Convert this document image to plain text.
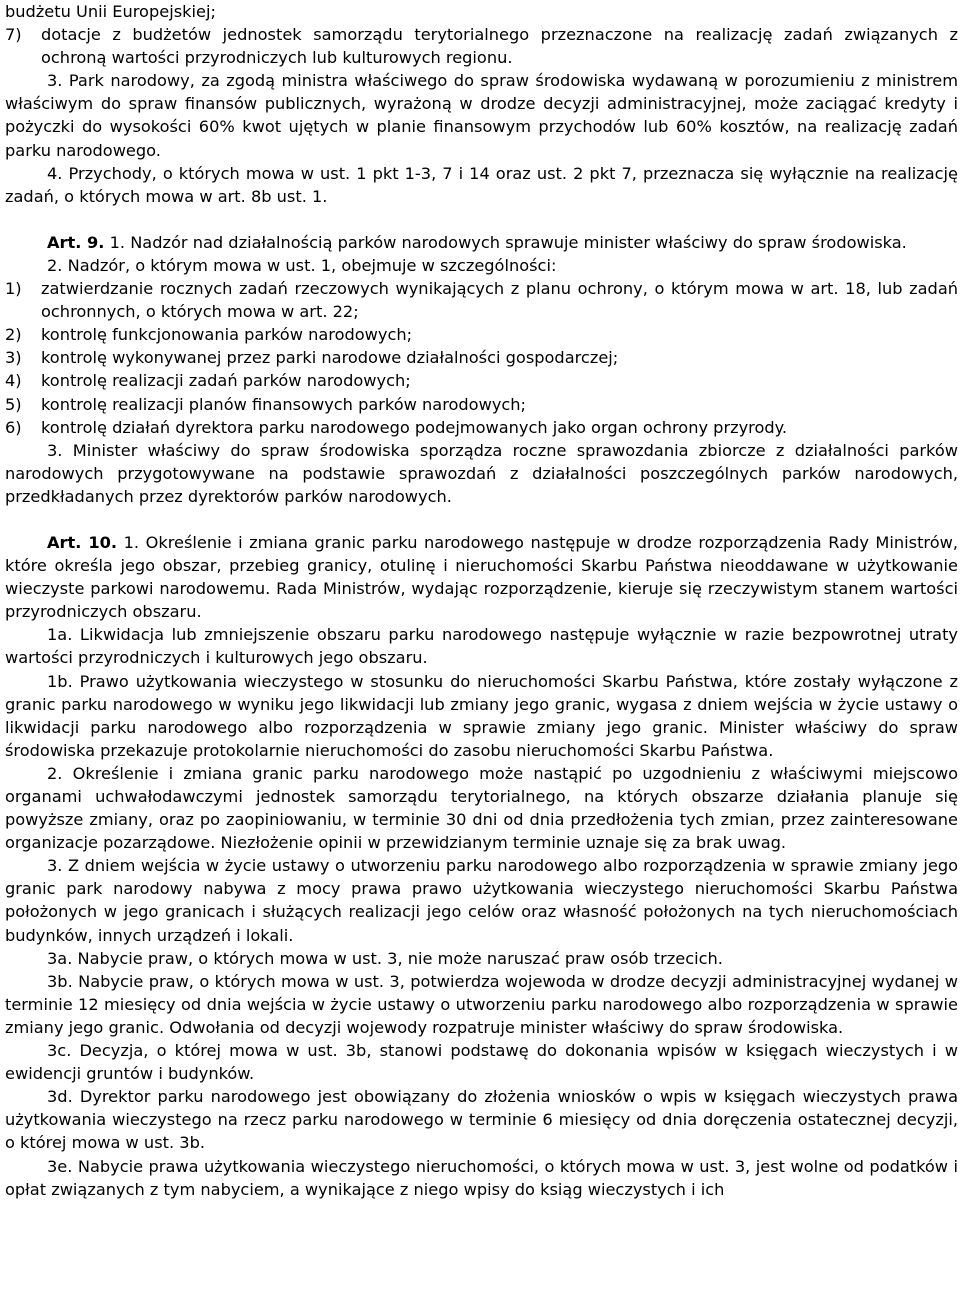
budżetu Unii Europejskiej;

7) dotacje z budżetów jednostek samorządu terytorialnego przeznaczone na realizację zadań związanych z ochroną wartości przyrodniczych lub kulturowych regionu.

3. Park narodowy, za zgodą ministra właściwego do spraw środowiska wydawaną w porozumieniu z ministrem właściwym do spraw finansów publicznych, wyrażoną w drodze decyzji administracyjnej, może zaciągać kredyty i pożyczki do wysokości 60% kwot ujętych w planie finansowym przychodów lub 60% kosztów, na realizację zadań parku narodowego.

4. Przychody, o których mowa w ust. 1 pkt 1-3, 7 i 14 oraz ust. 2 pkt 7, przeznacza się wyłącznie na realizację zadań, o których mowa w art. 8b ust. 1.

Art. 9. 1. Nadzór nad działalnością parków narodowych sprawuje minister właściwy do spraw środowiska.

2. Nadzór, o którym mowa w ust. 1, obejmuje w szczególności:

1) zatwierdzanie rocznych zadań rzeczowych wynikających z planu ochrony, o którym mowa w art. 18, lub zadań ochronnych, o których mowa w art. 22;
2) kontrolę funkcjonowania parków narodowych;
3) kontrolę wykonywanej przez parki narodowe działalności gospodarczej;
4) kontrolę realizacji zadań parków narodowych;
5) kontrolę realizacji planów finansowych parków narodowych;
6) kontrolę działań dyrektora parku narodowego podejmowanych jako organ ochrony przyrody.

3. Minister właściwy do spraw środowiska sporządza roczne sprawozdania zbiorcze z działalności parków narodowych przygotowywane na podstawie sprawozdań z działalności poszczególnych parków narodowych, przedkładanych przez dyrektorów parków narodowych.

Art. 10. 1. Określenie i zmiana granic parku narodowego następuje w drodze rozporządzenia Rady Ministrów, które określa jego obszar, przebieg granicy, otulinę i nieruchomości Skarbu Państwa nieoddawane w użytkowanie wieczyste parkowi narodowemu. Rada Ministrów, wydając rozporządzenie, kieruje się rzeczywistym stanem wartości przyrodniczych obszaru.

1a. Likwidacja lub zmniejszenie obszaru parku narodowego następuje wyłącznie w razie bezpowrotnej utraty wartości przyrodniczych i kulturowych jego obszaru.

1b. Prawo użytkowania wieczystego w stosunku do nieruchomości Skarbu Państwa, które zostały wyłączone z granic parku narodowego w wyniku jego likwidacji lub zmiany jego granic, wygasa z dniem wejścia w życie ustawy o likwidacji parku narodowego albo rozporządzenia w sprawie zmiany jego granic. Minister właściwy do spraw środowiska przekazuje protokolarnie nieruchomości do zasobu nieruchomości Skarbu Państwa.

2. Określenie i zmiana granic parku narodowego może nastąpić po uzgodnieniu z właściwymi miejscowo organami uchwałodawczymi jednostek samorządu terytorialnego, na których obszarze działania planuje się powyższe zmiany, oraz po zaopiniowaniu, w terminie 30 dni od dnia przedłożenia tych zmian, przez zainteresowane organizacje pozarządowe. Niezłożenie opinii w przewidzianym terminie uznaje się za brak uwag.

3. Z dniem wejścia w życie ustawy o utworzeniu parku narodowego albo rozporządzenia w sprawie zmiany jego granic park narodowy nabywa z mocy prawa prawo użytkowania wieczystego nieruchomości Skarbu Państwa położonych w jego granicach i służących realizacji jego celów oraz własność położonych na tych nieruchomościach budynków, innych urządzeń i lokali.

3a. Nabycie praw, o których mowa w ust. 3, nie może naruszać praw osób trzecich.

3b. Nabycie praw, o których mowa w ust. 3, potwierdza wojewoda w drodze decyzji administracyjnej wydanej w terminie 12 miesięcy od dnia wejścia w życie ustawy o utworzeniu parku narodowego albo rozporządzenia w sprawie zmiany jego granic. Odwołania od decyzji wojewody rozpatruje minister właściwy do spraw środowiska.

3c. Decyzja, o której mowa w ust. 3b, stanowi podstawę do dokonania wpisów w księgach wieczystych i w ewidencji gruntów i budynków.

3d. Dyrektor parku narodowego jest obowiązany do złożenia wniosków o wpis w księgach wieczystych prawa użytkowania wieczystego na rzecz parku narodowego w terminie 6 miesięcy od dnia doręczenia ostatecznej decyzji, o której mowa w ust. 3b.

3e. Nabycie prawa użytkowania wieczystego nieruchomości, o których mowa w ust. 3, jest wolne od podatków i opłat związanych z tym nabyciem, a wynikające z niego wpisy do ksiąg wieczystych i ich
